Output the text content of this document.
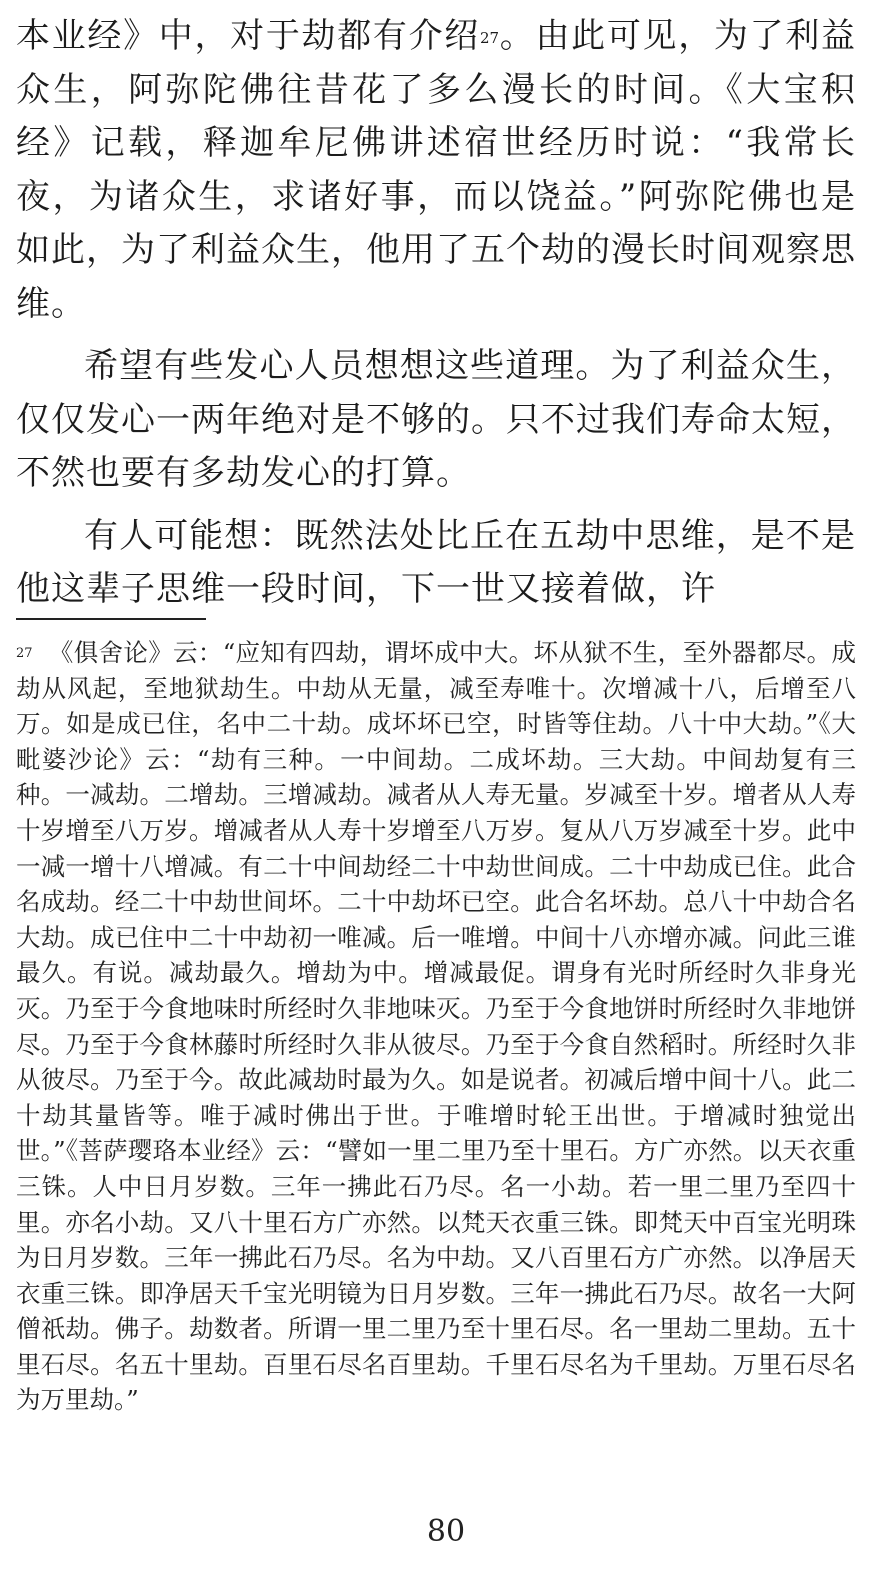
本业经》中，对于劫都有介绍$^{27}$。由此可见，为了利益众生，阿弥陀佛往昔花了多么漫长的时间。《大宝积经》记载，释迦牟尼佛讲述宿世经历时说：“我常长夜，为诸众生，求诸好事，而以饶益。”阿弥陀佛也是如此，为了利益众生，他用了五个劫的漫长时间观察思维。

希望有些发心人员想想这些道理。为了利益众生，仅仅发心一两年绝对是不够的。只不过我们寿命太短，不然也要有多劫发心的打算。

有人可能想：既然法处比丘在五劫中思维，是不是他这辈子思维一段时间，下一世又接着做，许

$^{27}$ 《俱舍论》云：“应知有四劫，谓坏成中大。坏从狱不生，至外器都尽。成劫从风起，至地狱劫生。中劫从无量，减至寿唯十。次增减十八，后增至八万。如是成已住，名中二十劫。成坏坏已空，时皆等住劫。八十中大劫。”《大毗婆沙论》云：“劫有三种。一中间劫。二成坏劫。三大劫。中间劫复有三种。一减劫。二增劫。三增减劫。减者从人寿无量。岁减至十岁。增者从人寿十岁增至八万岁。增减者从人寿十岁增至八万岁。复从八万岁减至十岁。此中一减一增十八增减。有二十中间劫经二十中劫世间成。二十中劫成已住。此合名成劫。经二十中劫世间坏。二十中劫坏已空。此合名坏劫。总八十中劫合名大劫。成已住中二十中劫初一唯减。后一唯增。中间十八亦增亦减。问此三谁最久。有说。减劫最久。增劫为中。增减最促。谓身有光时所经时久非身光灭。乃至于今食地味时所经时久非地味灭。乃至于今食地饼时所经时久非地饼尽。乃至于今食林藤时所经时久非从彼尽。乃至于今食自然稻时。所经时久非从彼尽。乃至于今。故此减劫时最为久。如是说者。初减后增中间十八。此二十劫其量皆等。唯于减时佛出于世。于唯增时轮王出世。于增减时独觉出世。”《菩萨璎珞本业经》云：“譬如一里二里乃至十里石。方广亦然。以天衣重三铢。人中日月岁数。三年一拂此石乃尽。名一小劫。若一里二里乃至四十里。亦名小劫。又八十里石方广亦然。以梵天衣重三铢。即梵天中百宝光明珠为日月岁数。三年一拂此石乃尽。名为中劫。又八百里石方广亦然。以净居天衣重三铢。即净居天千宝光明镜为日月岁数。三年一拂此石乃尽。故名一大阿僧祇劫。佛子。劫数者。所谓一里二里乃至十里石尽。名一里劫二里劫。五十里石尽。名五十里劫。百里石尽名百里劫。千里石尽名为千里劫。万里石尽名为万里劫。”
80
